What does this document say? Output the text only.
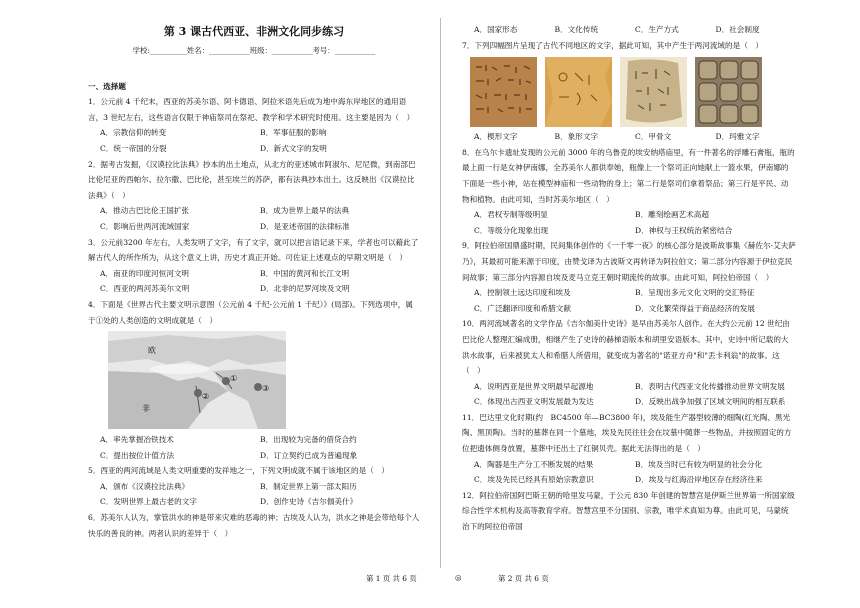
第 3 课古代西亚、非洲文化同步练习
学校:__________姓名：___________班级：___________考号：___________
一、选择题

1．公元前 4 千纪末，西亚的苏美尔语、阿卡德语、阿拉米语先后成为地中海东岸地区的通用语言，3 世纪左右，这些语言仅限于神庙祭司在祭祀、教学和学术研究时使用。这主要是因为（　）

A．宗教信仰的转变	B．军事征服的影响
C．统一帝国的分裂	D．新式文字的发明

2．据考古发掘，《汉谟拉比法典》抄本的出土地点，从北方的亚述城市阿淑尔、尼尼微，到南部巴比伦尼亚的西帕尔、拉尔撒、巴比伦，甚至埃兰的苏萨，都有法典抄本出土。这反映出《汉谟拉比法典》（　）

A．推动古巴比伦王国扩张	B．成为世界上最早的法典
C．影响后世两河流域国家	D．是亚述帝国的法律标准

3．公元前3200 年左右，人类发明了文字，有了文字，就可以把言语记录下来，学者也可以藉此了解古代人的所作所为，从这个意义上讲，历史才真正开始。可佐证上述观点的早期文明是（　）

A．南亚的印度河恒河文明	B．中国的黄河和长江文明
C．西亚的两河苏美尔文明	D．北非的尼罗河埃及文明

4．下面是《世界古代主要文明示意图（公元前 4 千纪-公元前 1 千纪）》(局部)。下列选项中，属于①处的人类创造的文明成就是（　）

①
②
③
欧
非
A．率先掌握冶铁技术	B．出现较为完备的借贷合约
C．提出按位计值方法	D．订立契约已成为普遍现象

5．西亚的两河流域是人类文明重要的发祥地之一，下列文明成就不属于该地区的是（　）

A．颁布《汉谟拉比法典》	B．制定世界上第一部太阳历
C．发明世界上最古老的文字	D．创作史诗《吉尔伽美什》

6．苏美尔人认为，掌管洪水的神是带来灾难的恶毒的神；古埃及人认为，洪水之神是会带给每个人快乐的善良的神。两者认识的差异于（　）

A．国家形态	B．文化传统	C．生产方式	D．社会制度

7．下列四幅图片呈现了古代不同地区的文字，据此可知，其中产生于两河流域的是（　）

A．楔形文字	B．象形文字	C．甲骨文	D．玛雅文字

8．在乌尔卡遗址发现的公元前 3000 年的乌鲁克的埃安纳塔庙里，有一件著名的浮雕石膏瓶，瓶的最上面一行是女神伊南娜，全苏美尔人都供奉她，瓶像上一个祭司正向她献上一篮水果，伊南娜的下面是一些小神，站在模型神庙和一些动物的身上；第二行是祭司们拿着祭品；第三行是平民、动物和植物。由此可知，当时苏美尔地区（　）

A．君权专制等级明显	B．雕刻绘画艺术高超
C．等级分化现象出现	D．神权与王权统治紧密结合

9．阿拉伯帝国鼎盛时期，民间集体创作的《一千零一夜》的核心部分是波斯故事集《赫佐尔·艾夫萨乃》，其最初可能来源于印度，由赞戈译为古波斯文再转译为阿拉伯文；第二部分内容源于伊拉克民间故事；第三部分内容源自埃及麦马立克王朝时期流传的故事。由此可知，阿拉伯帝国（　）

A．控制领土远达印度和埃及	B．呈现出多元文化文明的交汇特征
C．广泛翻译印度和希腊文献	D．文化繁荣得益于商品经济的发展

10．两河流域著名的文学作品《吉尔伽美什史诗》是早由苏美尔人创作。在大约公元前 12 世纪由巴比伦人整理汇编成册，相继产生了史诗的赫梯语版本和胡里安语版本。其中，史诗中所记载的大洪水故事，后来被犹太人和希腊人所借用，就变成为著名的"诺亚方舟"和"丢卡利翁"的故事。这（　）

A．说明西亚是世界文明最早起源地	B．表明古代西亚文化传播推动世界文明发展
C．体现出古西亚文明发展最为发达	D．反映出战争加强了区域文明间的相互联系

11．巴达里文化时期(约　BC4500 年—BC3800 年)，埃及能生产器型较薄的细陶(红光陶、黑光陶、黑顶陶)。当时的墓葬在同一个墓地，埃及先民往往会在坟墓中随葬一些物品，并按照固定的方位把遗体侧身放置，墓葬中还出土了红铜贝壳。据此无法得出的是（　）

A．陶器是生产分工不断发展的结果	B．埃及当时已有较为明显的社会分化
C．埃及先民已经具有原始宗教意识	D．埃及与红海沿岸地区存在经济往来

12．阿拉伯帝国阿巴斯王朝的哈里发马蒙，于公元 830 年创建的智慧宫是伊斯兰世界第一所国家级综合性学术机构及高等教育学府。智慧宫里不分国别、宗教，唯学术真知为尊。由此可见，马蒙统治下的阿拉伯帝国

第 1 页 共 6 页	◎	第 2 页 共 6 页
